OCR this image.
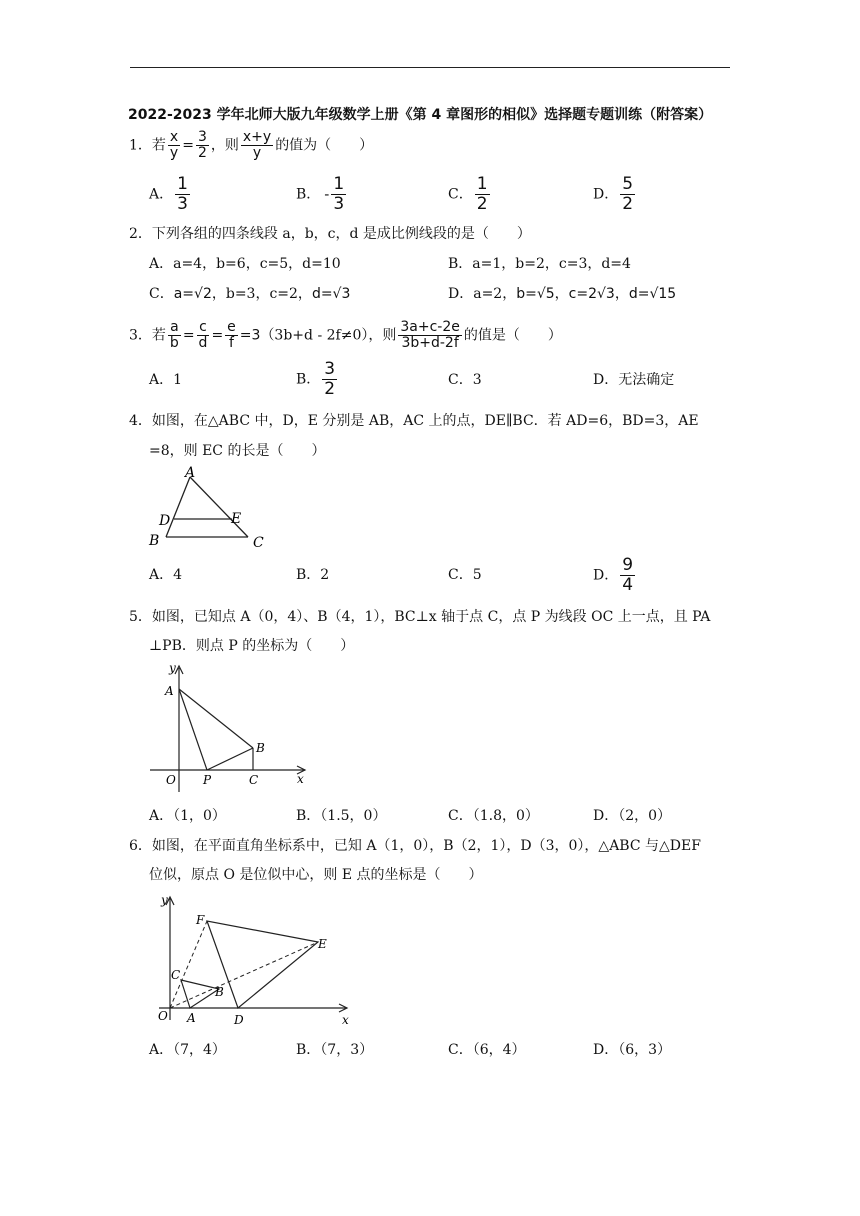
2022-2023 学年北师大版九年级数学上册《第 4 章图形的相似》选择题专题训练（附答案）
1．若 $\frac{x}{y} = \frac{3}{2}$ ，则 $\frac{x+y}{y}$ 的值为（　　）
A． $\frac{1}{3}$	B． - $\frac{1}{3}$	C． $\frac{1}{2}$	D． $\frac{5}{2}$
2．下列各组的四条线段 a，b，c，d 是成比例线段的是（　　）
A．a=4，b=6，c=5，d=10	B．a=1，b=2，c=3，d=4
C．a=√2，b=3，c=2，d=√3	D．a=2，b=√5，c=2√3，d=√15
3．若 $\frac{a}{b} = \frac{c}{d} = \frac{e}{f} =3(3b+d - 2f\ne 0)$，则 $\frac{3a+c-2e}{3b+d-2f}$ 的值是（　　）
A．1	B． $\frac{3}{2}$	C．3	D．无法确定
4．如图，在△ABC 中，D，E 分别是 AB，AC 上的点，DE∥BC．若 AD=6，BD=3，AE
=8，则 EC 的长是（　　）
A
D	E
B	C
A．4	B．2	C．5	D． $\frac{9}{4}$
5．如图，已知点 A（0，4）、B（4，1），BC⊥x 轴于点 C，点 P 为线段 OC 上一点，且 PA
⊥PB．则点 P 的坐标为（　　）
y
x
A
B
O P	C
A．（1，0）	B．（1.5，0）	C．（1.8，0）	D．（2，0）
6．如图，在平面直角坐标系中，已知 A（1，0），B（2，1），D（3，0），△ABC 与△DEF
位似，原点 O 是位似中心，则 E 点的坐标是（　　）
y
x
F
E
C
B
O A	D
A．（7，4）	B．（7，3）	C．（6，4）	D．（6，3）
